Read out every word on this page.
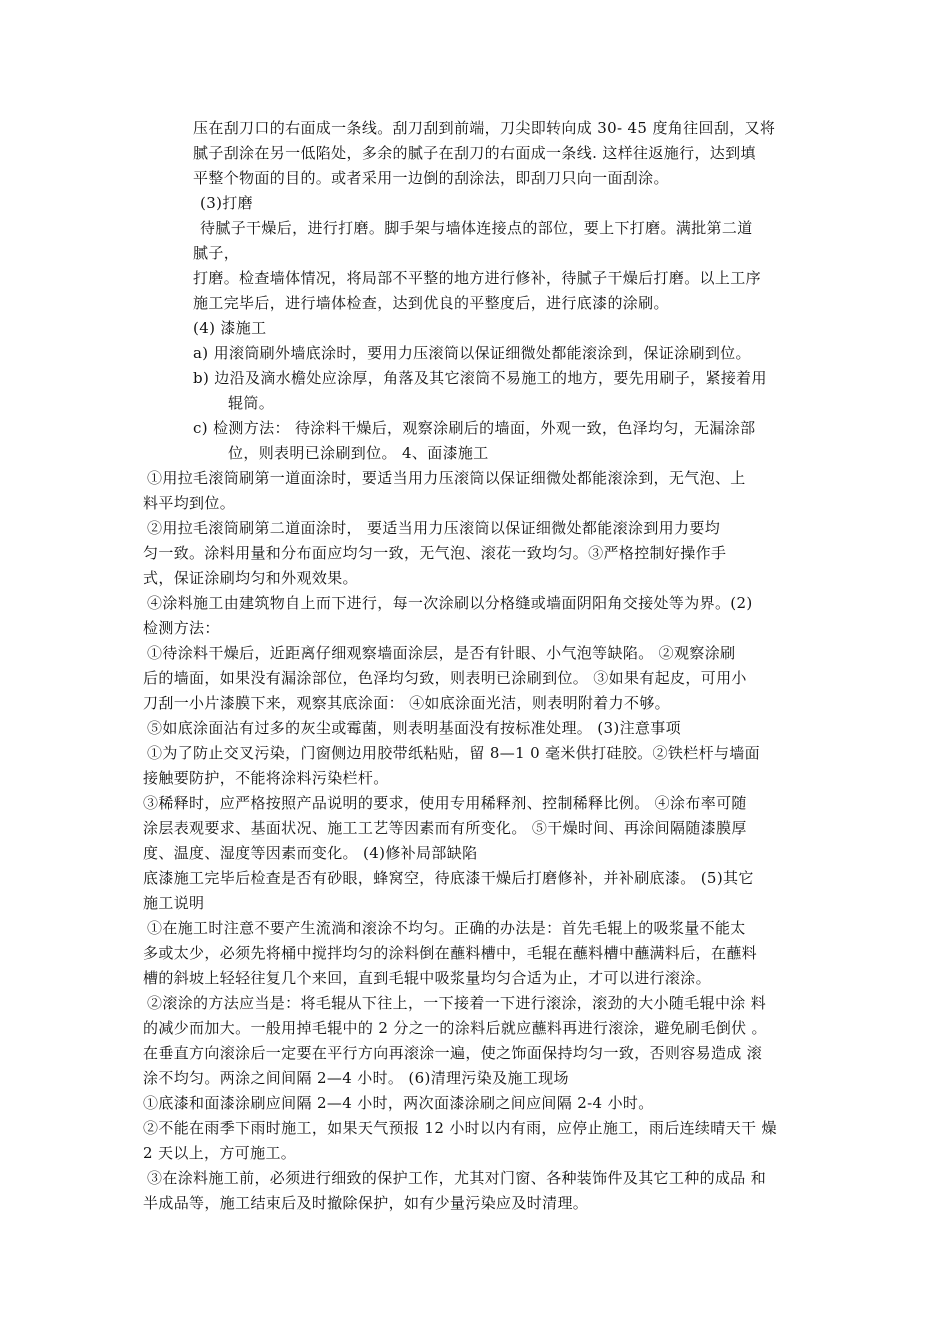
压在刮刀口的右面成一条线。刮刀刮到前端，刀尖即转向成 30- 45 度角往回刮，又将
腻子刮涂在另一低陷处，多余的腻子在刮刀的右面成一条线. 这样往返施行，达到填
平整个物面的目的。或者采用一边倒的刮涂法，即刮刀只向一面刮涂。
(3)打磨
待腻子干燥后，进行打磨。脚手架与墙体连接点的部位，要上下打磨。满批第二道
腻子，
打磨。检查墙体情况，将局部不平整的地方进行修补，待腻子干燥后打磨。以上工序
施工完毕后，进行墙体检查，达到优良的平整度后，进行底漆的涂刷。
(4) 漆施工
a) 用滚筒刷外墙底涂时，要用力压滚筒以保证细微处都能滚涂到，保证涂刷到位。
b) 边沿及滴水檐处应涂厚，角落及其它滚筒不易施工的地方，要先用刷子，紧接着用
辊筒。
c) 检测方法： 待涂料干燥后，观察涂刷后的墙面，外观一致，色泽均匀，无漏涂部
位，则表明已涂刷到位。 4、面漆施工
①用拉毛滚筒刷第一道面涂时，要适当用力压滚筒以保证细微处都能滚涂到，无气泡、上
料平均到位。
②用拉毛滚筒刷第二道面涂时， 要适当用力压滚筒以保证细微处都能滚涂到用力要均
匀一致。涂料用量和分布面应均匀一致，无气泡、滚花一致均匀。③严格控制好操作手
式，保证涂刷均匀和外观效果。
④涂料施工由建筑物自上而下进行，每一次涂刷以分格缝或墙面阴阳角交接处等为界。(2)
检测方法：
①待涂料干燥后，近距离仔细观察墙面涂层，是否有针眼、小气泡等缺陷。 ②观察涂刷
后的墙面，如果没有漏涂部位，色泽均匀致，则表明已涂刷到位。 ③如果有起皮，可用小
刀刮一小片漆膜下来，观察其底涂面： ④如底涂面光洁，则表明附着力不够。
⑤如底涂面沾有过多的灰尘或霉菌，则表明基面没有按标准处理。 (3)注意事项
①为了防止交叉污染，门窗侧边用胶带纸粘贴，留 8—1 0 毫米供打硅胶。②铁栏杆与墙面
接触要防护，不能将涂料污染栏杆。
③稀释时，应严格按照产品说明的要求，使用专用稀释剂、控制稀释比例。 ④涂布率可随
涂层表观要求、基面状况、施工工艺等因素而有所变化。 ⑤干燥时间、再涂间隔随漆膜厚
度、温度、湿度等因素而变化。 (4)修补局部缺陷
底漆施工完毕后检查是否有砂眼，蜂窝空，待底漆干燥后打磨修补，并补刷底漆。 (5)其它
施工说明
①在施工时注意不要产生流淌和滚涂不均匀。正确的办法是：首先毛辊上的吸浆量不能太
多或太少，必须先将桶中搅拌均匀的涂料倒在蘸料槽中，毛辊在蘸料槽中蘸满料后，在蘸料
槽的斜坡上轻轻往复几个来回，直到毛辊中吸浆量均匀合适为止，才可以进行滚涂。
②滚涂的方法应当是：将毛辊从下往上，一下接着一下进行滚涂，滚劲的大小随毛辊中涂 料
的减少而加大。一般用掉毛辊中的 2 分之一的涂料后就应蘸料再进行滚涂，避免刷毛倒伏 。
在垂直方向滚涂后一定要在平行方向再滚涂一遍，使之饰面保持均匀一致，否则容易造成 滚
涂不均匀。两涂之间间隔 2—4 小时。 (6)清理污染及施工现场
①底漆和面漆涂刷应间隔 2—4 小时，两次面漆涂刷之间应间隔 2-4 小时。
②不能在雨季下雨时施工，如果天气预报 12 小时以内有雨，应停止施工，雨后连续晴天干 燥
2 天以上，方可施工。
③在涂料施工前，必须进行细致的保护工作，尤其对门窗、各种装饰件及其它工种的成品 和
半成品等，施工结束后及时撤除保护，如有少量污染应及时清理。
